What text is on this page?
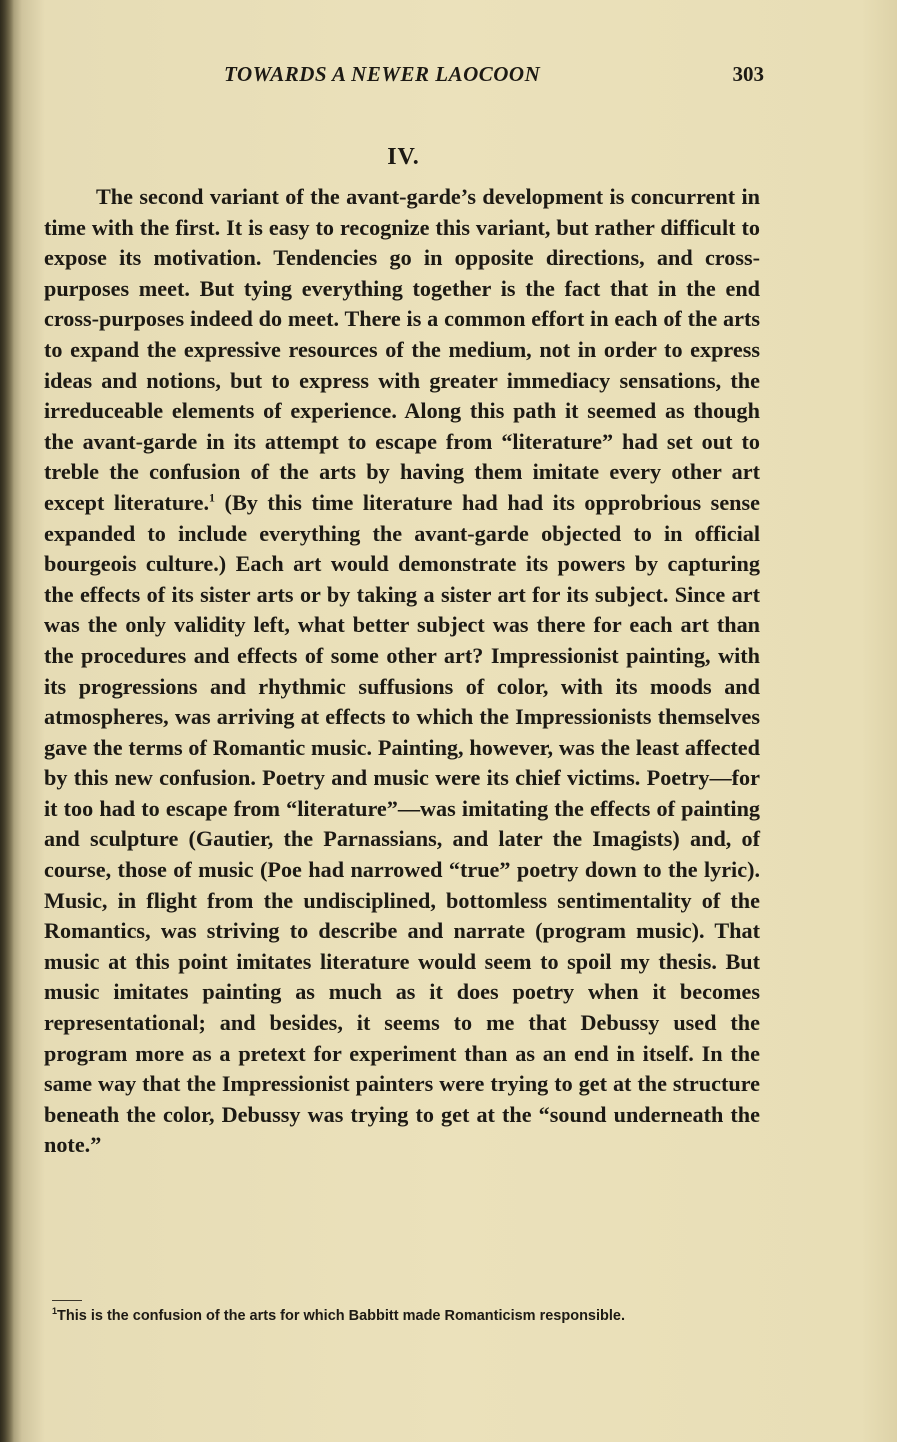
TOWARDS A NEWER LAOCOON	303
IV.

The second variant of the avant-garde’s development is concurrent in time with the first. It is easy to recognize this variant, but rather difficult to expose its motivation. Tendencies go in opposite directions, and cross-purposes meet. But tying everything together is the fact that in the end cross-purposes indeed do meet. There is a common effort in each of the arts to expand the expressive resources of the medium, not in order to express ideas and notions, but to express with greater immediacy sensations, the irreduceable elements of experience. Along this path it seemed as though the avant-garde in its attempt to escape from “literature” had set out to treble the confusion of the arts by having them imitate every other art except literature.$^1$ (By this time literature had had its opprobrious sense expanded to include everything the avant-garde objected to in official bourgeois culture.) Each art would demonstrate its powers by capturing the effects of its sister arts or by taking a sister art for its subject. Since art was the only validity left, what better subject was there for each art than the procedures and effects of some other art? Impressionist painting, with its progressions and rhythmic suffusions of color, with its moods and atmospheres, was arriving at effects to which the Impressionists themselves gave the terms of Romantic music. Painting, however, was the least affected by this new confusion. Poetry and music were its chief victims. Poetry—for it too had to escape from “literature”—was imitating the effects of painting and sculpture (Gautier, the Parnassians, and later the Imagists) and, of course, those of music (Poe had narrowed “true” poetry down to the lyric). Music, in flight from the undisciplined, bottomless sentimentality of the Romantics, was striving to describe and narrate (program music). That music at this point imitates literature would seem to spoil my thesis. But music imitates painting as much as it does poetry when it becomes representational; and besides, it seems to me that Debussy used the program more as a pretext for experiment than as an end in itself. In the same way that the Impressionist painters were trying to get at the structure beneath the color, Debussy was trying to get at the “sound underneath the note.”

$^1$This is the confusion of the arts for which Babbitt made Romanticism responsible.
